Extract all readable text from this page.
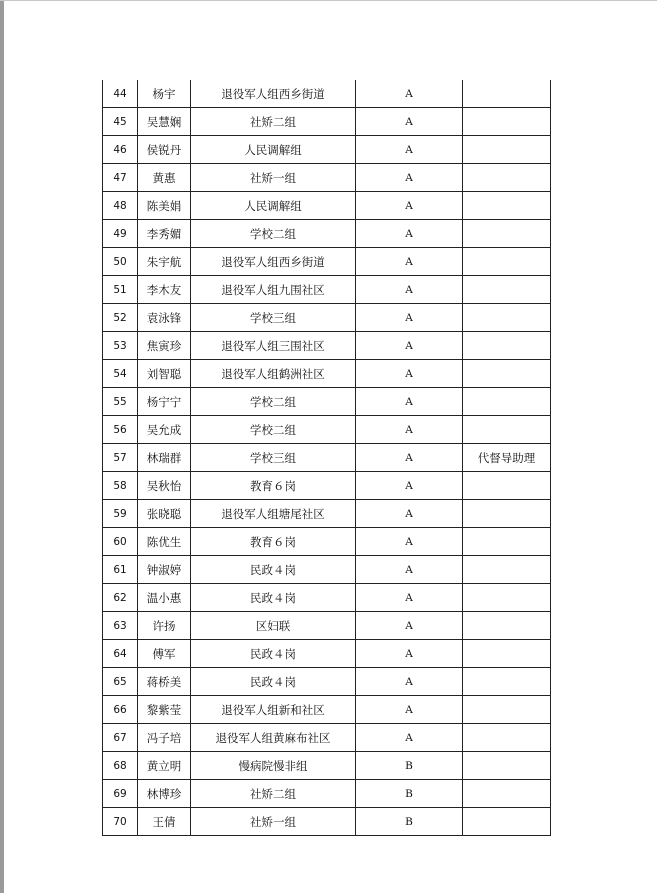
44	杨宇	退役军人组西乡街道	A	
45	吴慧娴	社矫二组	A	
46	侯锐丹	人民调解组	A	
47	黄惠	社矫一组	A	
48	陈美娟	人民调解组	A	
49	李秀媚	学校二组	A	
50	朱宇航	退役军人组西乡街道	A	
51	李木友	退役军人组九围社区	A	
52	袁泳锋	学校三组	A	
53	焦寅珍	退役军人组三围社区	A	
54	刘智聪	退役军人组鹤洲社区	A	
55	杨宁宁	学校二组	A	
56	吴允成	学校二组	A	
57	林瑞群	学校三组	A	代督导助理
58	吴秋怡	教育６岗	A	
59	张晓聪	退役军人组塘尾社区	A	
60	陈优生	教育６岗	A	
61	钟淑婷	民政４岗	A	
62	温小惠	民政４岗	A	
63	许扬	区妇联	A	
64	傅军	民政４岗	A	
65	蒋桥美	民政４岗	A	
66	黎紫莹	退役军人组新和社区	A	
67	冯子培	退役军人组黄麻布社区	A	
68	黄立明	慢病院慢非组	B	
69	林博珍	社矫二组	B	
70	王倩	社矫一组	B	
